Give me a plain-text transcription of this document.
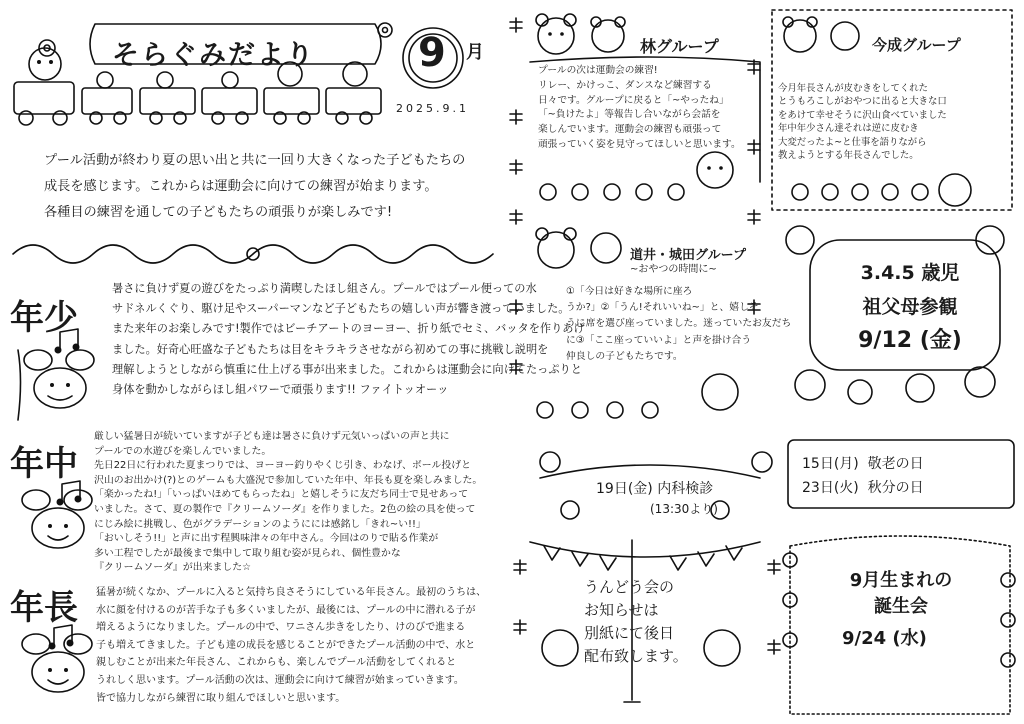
そらぐみだより	9 月
2025.9.1
プール活動が終わり夏の思い出と共に一回り大きくなった子どもたちの
成長を感じます。これからは運動会に向けての練習が始まります。
各種目の練習を通しての子どもたちの頑張りが楽しみです!
年少
暑さに負けず夏の遊びをたっぷり満喫したほし組さん。プールではプール便っての水
サドネルくぐり、駆け足やスーパーマンなど子どもたちの嬉しい声が響き渡っていました。
また来年のお楽しみです!製作ではビーチアートのヨーヨー、折り紙でセミ、バッタを作りあげ
ました。好奇心旺盛な子どもたちは目をキラキラさせながら初めての事に挑戦し説明を
理解しようとしながら慎重に仕上げる事が出来ました。これからは運動会に向けてたっぷりと
身体を動かしながらほし組パワーで頑張ります!! ファイトッオーッ
年中
厳しい猛暑日が続いていますが子ども達は暑さに負けず元気いっぱいの声と共に
プールでの水遊びを楽しんでいました。
先日22日に行われた夏まつりでは、ヨーヨー釣りやくじ引き、わなげ、ボール投げと
沢山のお出かけ(?)とのゲームも大盛況で参加していた年中、年長も夏を楽しみました。
「楽かったね!」「いっぱいほめてもらったね」と嬉しそうに友だち同士で見せあって
いました。さて、夏の製作で『クリームソーダ』を作りました。2色の絵の具を使って
にじみ絵に挑戦し、色がグラデーションのようにには感銘し「きれ~い!!」
「おいしそう!!」と声に出す程興味津々の年中さん。今回はのりで貼る作業が
多い工程でしたが最後まで集中して取り組む姿が見られ、個性豊かな
『クリームソーダ』が出来ました☆
年長 猛暑が続くなか、プールに入ると気持ち良さそうにしている年長さん。最初のうちは、
水に顔を付けるのが苦手な子も多くいましたが、最後には、プールの中に潜れる子が
増えるようになりました。プールの中で、ワニさん歩きをしたり、けのびで進まる
子も増えてきました。子ども達の成長を感じることができたプール活動の中で、水と
親しむことが出来た年長さん、これからも、楽しんでプール活動をしてくれると
うれしく思います。プール活動の次は、運動会に向けて練習が始まっていきます。
皆で協力しながら練習に取り組んでほしいと思います。
林グループ
プールの次は運動会の練習!
リレー、かけっこ、ダンスなど練習する
日々です。グループに戻ると「~やったね」
「~負けたよ」等報告し合いながら会話を
楽しんでいます。運動会の練習も頑張って
頑張っていく姿を見守ってほしいと思います。
今成グループ
今月年長さんが皮むきをしてくれた
とうもろこしがおやつに出ると大きな口
をあけて幸せそうに沢山食べていました
年中年少さん達それは逆に皮むき
大変だったよ~と仕事を語りながら
教えようとする年長さんでした。
道井・城田グループ
~おやつの時間に~
①「今日は好きな場所に座ろ
うか?」②「うん!それいいね~」と、嬉しそ
うに席を選び座っていました。迷っていたお友だち
に③「ここ座っていいよ」と声を掛け合う
仲良しの子どもたちです。
3.4.5 歳児
祖父母参観
9/12 (金)
19日(金) 内科検診
(13:30より)
15日(月)  敬老の日
23日(火)  秋分の日
うんどう会の
お知らせは
別紙にて後日
配布致します。
9月生まれの
誕生会
9/24 (水)
